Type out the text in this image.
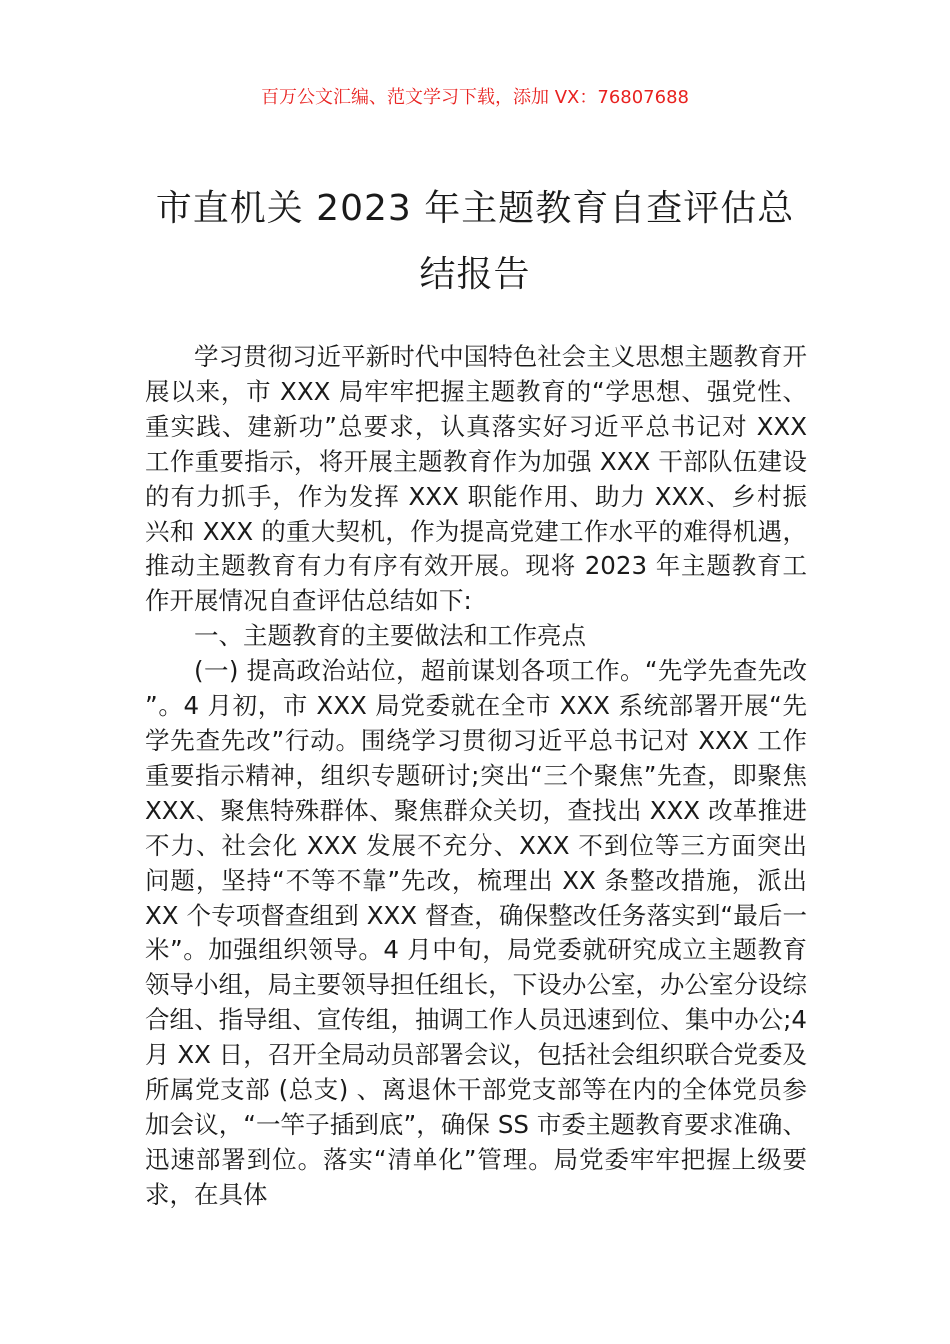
百万公文汇编、范文学习下载，添加 VX：76807688
市直机关 2023 年主题教育自查评估总结报告

学习贯彻习近平新时代中国特色社会主义思想主题教育开展以来，市 XXX 局牢牢把握主题教育的“学思想、强党性、重实践、建新功”总要求，认真落实好习近平总书记对 XXX 工作重要指示，将开展主题教育作为加强 XXX 干部队伍建设的有力抓手，作为发挥 XXX 职能作用、助力 XXX、乡村振兴和 XXX 的重大契机，作为提高党建工作水平的难得机遇，推动主题教育有力有序有效开展。现将 2023 年主题教育工作开展情况自查评估总结如下:

一、主题教育的主要做法和工作亮点

(一) 提高政治站位，超前谋划各项工作。“先学先查先改”。4 月初，市 XXX 局党委就在全市 XXX 系统部署开展“先学先查先改”行动。围绕学习贯彻习近平总书记对 XXX 工作重要指示精神，组织专题研讨;突出“三个聚焦”先查，即聚焦 XXX、聚焦特殊群体、聚焦群众关切，查找出 XXX 改革推进不力、社会化 XXX 发展不充分、XXX 不到位等三方面突出问题，坚持“不等不靠”先改，梳理出 XX 条整改措施，派出 XX 个专项督查组到 XXX 督查，确保整改任务落实到“最后一米”。加强组织领导。4 月中旬，局党委就研究成立主题教育领导小组，局主要领导担任组长，下设办公室，办公室分设综合组、指导组、宣传组，抽调工作人员迅速到位、集中办公;4 月 XX 日，召开全局动员部署会议，包括社会组织联合党委及所属党支部 (总支) 、离退休干部党支部等在内的全体党员参加会议，“一竿子插到底”，确保 SS 市委主题教育要求准确、迅速部署到位。落实“清单化”管理。局党委牢牢把握上级要求，在具体
